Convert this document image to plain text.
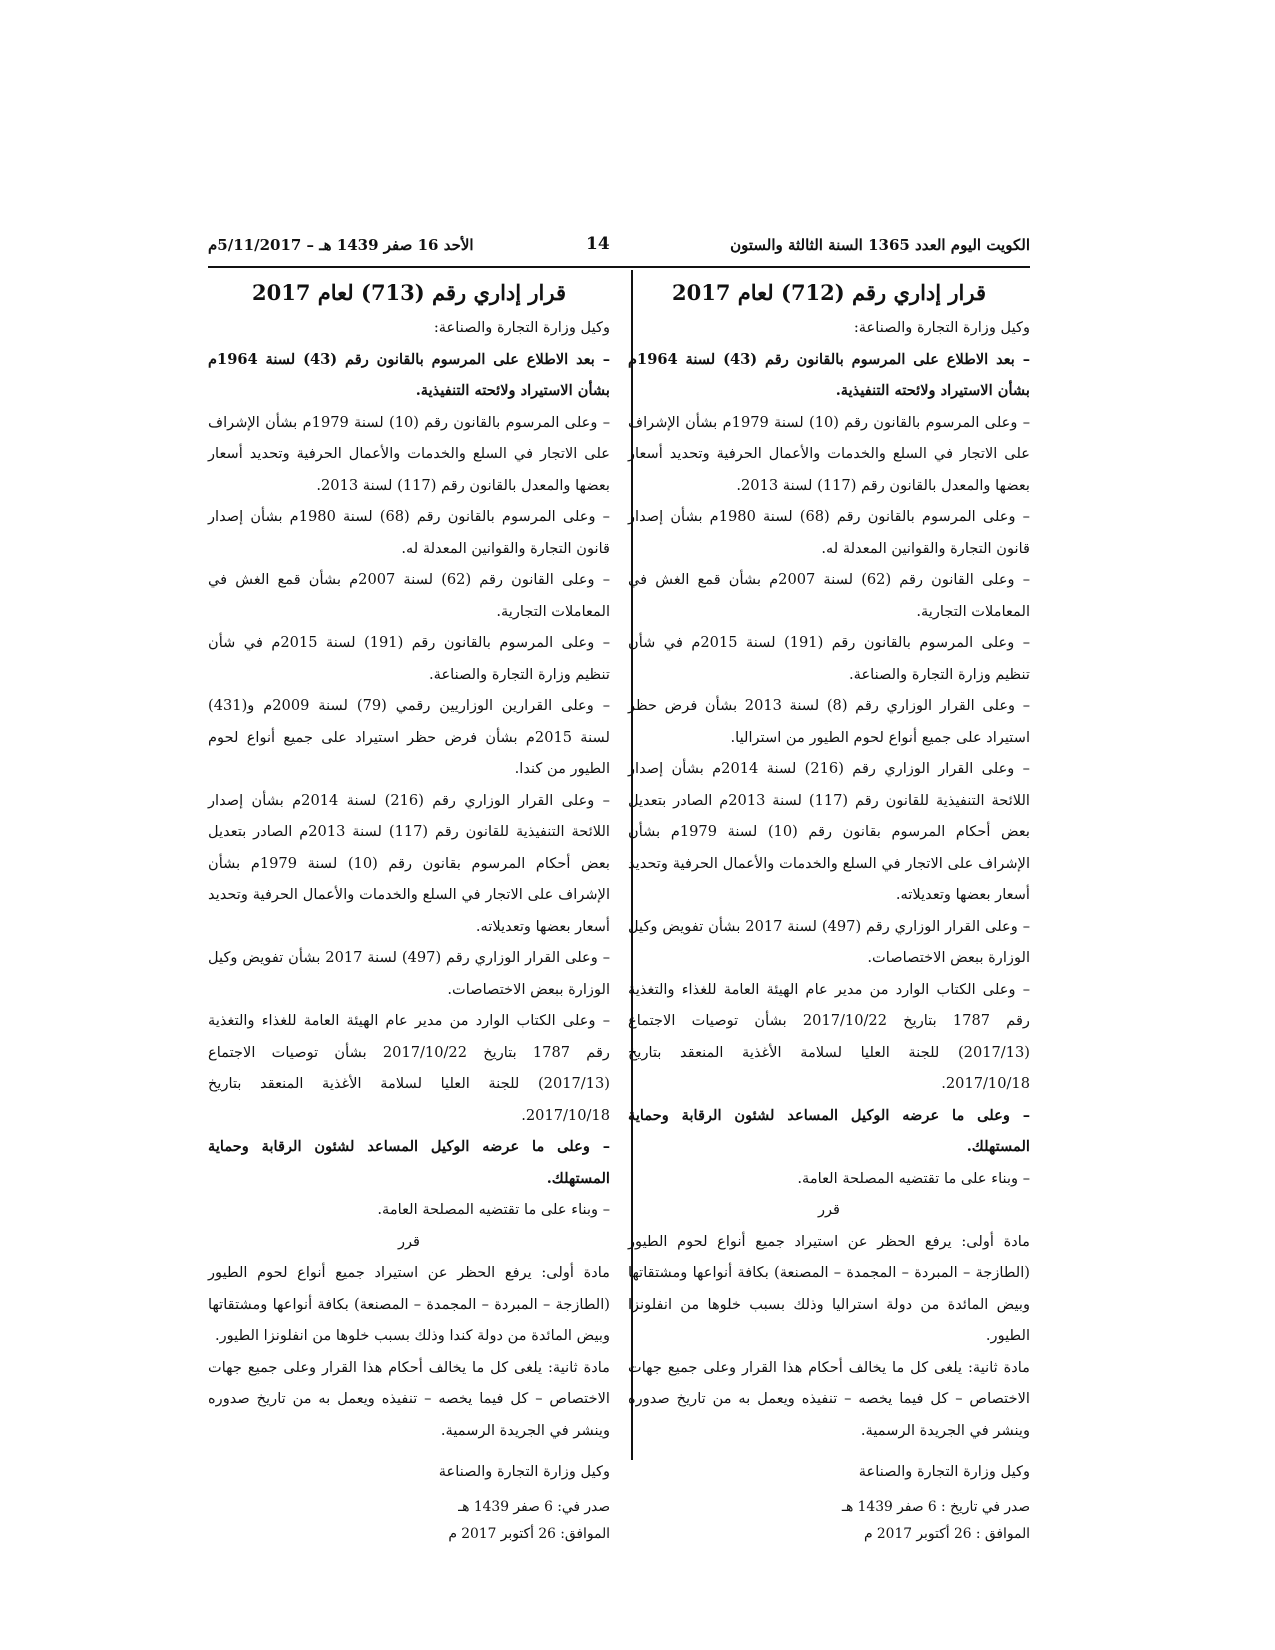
الكويت اليوم العدد 1365 السنة الثالثة والستون
14
الأحد 16 صفر 1439 هـ – 5/11/2017م
قرار إداري رقم (712) لعام 2017

وكيل وزارة التجارة والصناعة:

– بعد الاطلاع على المرسوم بالقانون رقم (43) لسنة 1964م بشأن الاستيراد ولائحته التنفيذية.

– وعلى المرسوم بالقانون رقم (10) لسنة 1979م بشأن الإشراف على الاتجار في السلع والخدمات والأعمال الحرفية وتحديد أسعار بعضها والمعدل بالقانون رقم (117) لسنة 2013.

– وعلى المرسوم بالقانون رقم (68) لسنة 1980م بشأن إصدار قانون التجارة والقوانين المعدلة له.

– وعلى القانون رقم (62) لسنة 2007م بشأن قمع الغش في المعاملات التجارية.

– وعلى المرسوم بالقانون رقم (191) لسنة 2015م في شأن تنظيم وزارة التجارة والصناعة.

– وعلى القرار الوزاري رقم (8) لسنة 2013 بشأن فرض حظر استيراد على جميع أنواع لحوم الطيور من استراليا.

– وعلى القرار الوزاري رقم (216) لسنة 2014م بشأن إصدار اللائحة التنفيذية للقانون رقم (117) لسنة 2013م الصادر بتعديل بعض أحكام المرسوم بقانون رقم (10) لسنة 1979م بشأن الإشراف على الاتجار في السلع والخدمات والأعمال الحرفية وتحديد أسعار بعضها وتعديلاته.

– وعلى القرار الوزاري رقم (497) لسنة 2017 بشأن تفويض وكيل الوزارة ببعض الاختصاصات.

– وعلى الكتاب الوارد من مدير عام الهيئة العامة للغذاء والتغذية رقم 1787 بتاريخ 2017/10/22 بشأن توصيات الاجتماع (2017/13) للجنة العليا لسلامة الأغذية المنعقد بتاريخ 2017/10/18.

– وعلى ما عرضه الوكيل المساعد لشئون الرقابة وحماية المستهلك.

– وبناء على ما تقتضيه المصلحة العامة.

قرر

مادة أولى: يرفع الحظر عن استيراد جميع أنواع لحوم الطيور (الطازجة – المبردة – المجمدة – المصنعة) بكافة أنواعها ومشتقاتها وبيض المائدة من دولة استراليا وذلك بسبب خلوها من انفلونزا الطيور.

مادة ثانية: يلغى كل ما يخالف أحكام هذا القرار وعلى جميع جهات الاختصاص – كل فيما يخصه – تنفيذه ويعمل به من تاريخ صدوره وينشر في الجريدة الرسمية.

وكيل وزارة التجارة والصناعة

صدر في تاريخ : 6 صفر 1439 هـ

الموافق : 26 أكتوبر 2017 م

قرار إداري رقم (713) لعام 2017

وكيل وزارة التجارة والصناعة:

– بعد الاطلاع على المرسوم بالقانون رقم (43) لسنة 1964م بشأن الاستيراد ولائحته التنفيذية.

– وعلى المرسوم بالقانون رقم (10) لسنة 1979م بشأن الإشراف على الاتجار في السلع والخدمات والأعمال الحرفية وتحديد أسعار بعضها والمعدل بالقانون رقم (117) لسنة 2013.

– وعلى المرسوم بالقانون رقم (68) لسنة 1980م بشأن إصدار قانون التجارة والقوانين المعدلة له.

– وعلى القانون رقم (62) لسنة 2007م بشأن قمع الغش في المعاملات التجارية.

– وعلى المرسوم بالقانون رقم (191) لسنة 2015م في شأن تنظيم وزارة التجارة والصناعة.

– وعلى القرارين الوزاريين رقمي (79) لسنة 2009م و(431) لسنة 2015م بشأن فرض حظر استيراد على جميع أنواع لحوم الطيور من كندا.

– وعلى القرار الوزاري رقم (216) لسنة 2014م بشأن إصدار اللائحة التنفيذية للقانون رقم (117) لسنة 2013م الصادر بتعديل بعض أحكام المرسوم بقانون رقم (10) لسنة 1979م بشأن الإشراف على الاتجار في السلع والخدمات والأعمال الحرفية وتحديد أسعار بعضها وتعديلاته.

– وعلى القرار الوزاري رقم (497) لسنة 2017 بشأن تفويض وكيل الوزارة ببعض الاختصاصات.

– وعلى الكتاب الوارد من مدير عام الهيئة العامة للغذاء والتغذية رقم 1787 بتاريخ 2017/10/22 بشأن توصيات الاجتماع (2017/13) للجنة العليا لسلامة الأغذية المنعقد بتاريخ 2017/10/18.

– وعلى ما عرضه الوكيل المساعد لشئون الرقابة وحماية المستهلك.

– وبناء على ما تقتضيه المصلحة العامة.

قرر

مادة أولى: يرفع الحظر عن استيراد جميع أنواع لحوم الطيور (الطازجة – المبردة – المجمدة – المصنعة) بكافة أنواعها ومشتقاتها وبيض المائدة من دولة كندا وذلك بسبب خلوها من انفلونزا الطيور.

مادة ثانية: يلغى كل ما يخالف أحكام هذا القرار وعلى جميع جهات الاختصاص – كل فيما يخصه – تنفيذه ويعمل به من تاريخ صدوره وينشر في الجريدة الرسمية.

وكيل وزارة التجارة والصناعة

صدر في: 6 صفر 1439 هـ

الموافق: 26 أكتوبر 2017 م
